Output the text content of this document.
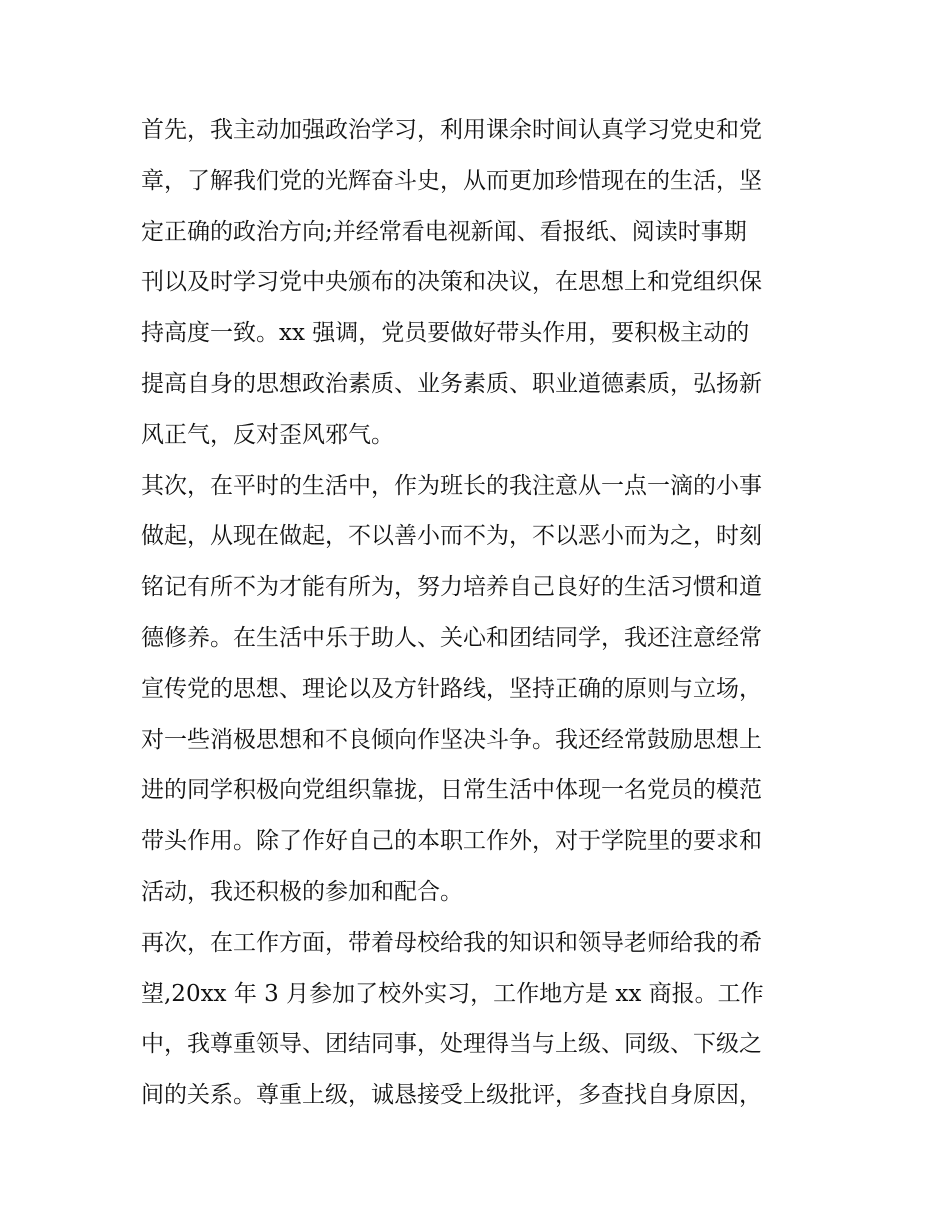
首先，我主动加强政治学习，利用课余时间认真学习党史和党
章，了解我们党的光辉奋斗史，从而更加珍惜现在的生活，坚
定正确的政治方向;并经常看电视新闻、看报纸、阅读时事期
刊以及时学习党中央颁布的决策和决议，在思想上和党组织保
持高度一致。xx 强调，党员要做好带头作用，要积极主动的
提高自身的思想政治素质、业务素质、职业道德素质，弘扬新
风正气，反对歪风邪气。
其次，在平时的生活中，作为班长的我注意从一点一滴的小事
做起，从现在做起，不以善小而不为，不以恶小而为之，时刻
铭记有所不为才能有所为，努力培养自己良好的生活习惯和道
德修养。在生活中乐于助人、关心和团结同学，我还注意经常
宣传党的思想、理论以及方针路线，坚持正确的原则与立场，
对一些消极思想和不良倾向作坚决斗争。我还经常鼓励思想上
进的同学积极向党组织靠拢，日常生活中体现一名党员的模范
带头作用。除了作好自己的本职工作外，对于学院里的要求和
活动，我还积极的参加和配合。
再次，在工作方面，带着母校给我的知识和领导老师给我的希
望,20xx 年 3 月参加了校外实习，工作地方是 xx 商报。工作
中，我尊重领导、团结同事，处理得当与上级、同级、下级之
间的关系。尊重上级，诚恳接受上级批评，多查找自身原因，
